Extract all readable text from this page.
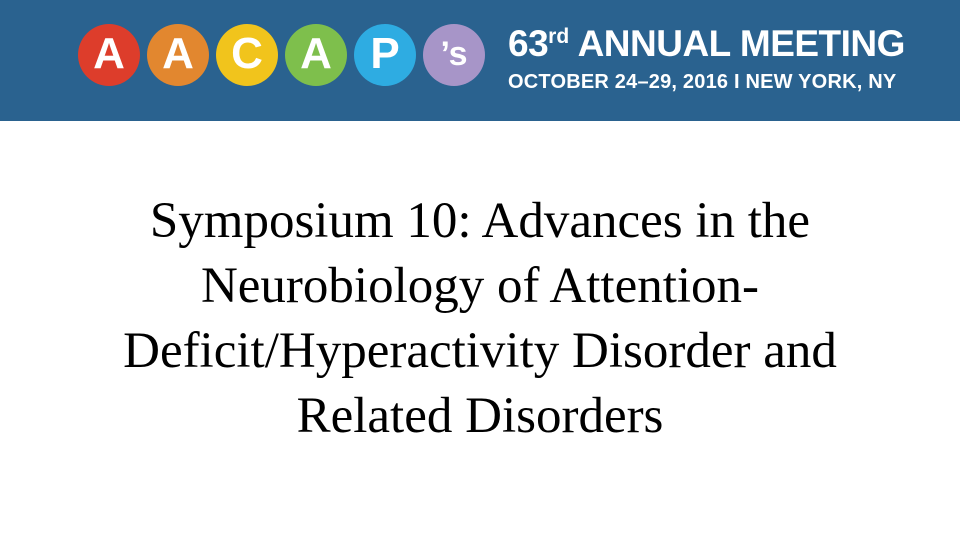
A A C A P ’s 63rd ANNUAL MEETING
OCTOBER 24–29, 2016 I NEW YORK, NY
Symposium 10: Advances in the
Neurobiology of Attention-
Deficit/Hyperactivity Disorder and
Related Disorders
